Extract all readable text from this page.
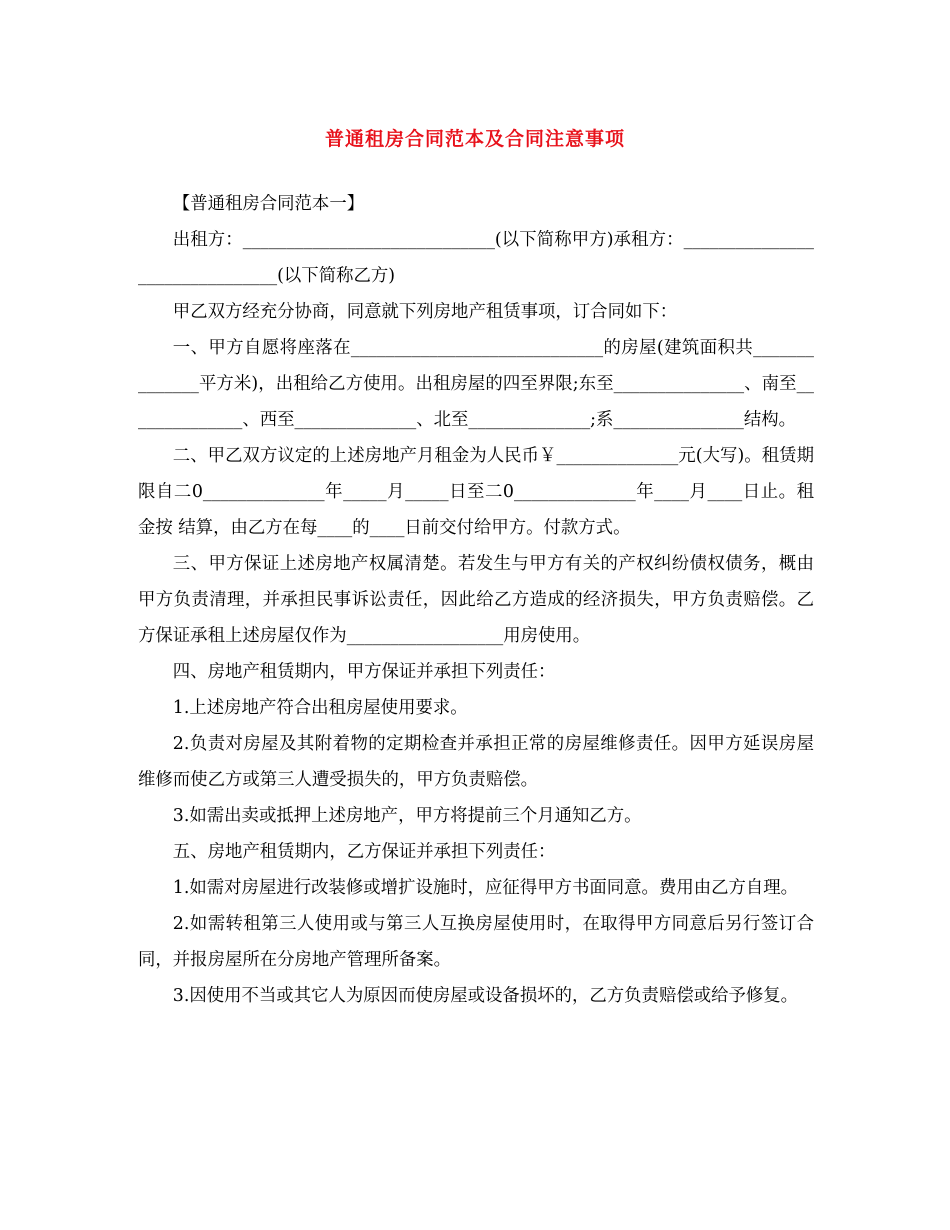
普通租房合同范本及合同注意事项

【普通租房合同范本一】

出租方：_____________________________(以下简称甲方)承租方：_______________________________(以下简称乙方)

甲乙双方经充分协商，同意就下列房地产租赁事项，订合同如下：

一、甲方自愿将座落在_____________________________的房屋(建筑面积共______________平方米)，出租给乙方使用。出租房屋的四至界限;东至_______________、南至______________、西至______________、北至______________;系_______________结构。

二、甲乙双方议定的上述房地产月租金为人民币￥______________元(大写)。租赁期限自二0______________年_____月_____日至二0______________年____月____日止。租金按 结算，由乙方在每____的____日前交付给甲方。付款方式。

三、甲方保证上述房地产权属清楚。若发生与甲方有关的产权纠纷债权债务，概由甲方负责清理，并承担民事诉讼责任，因此给乙方造成的经济损失，甲方负责赔偿。乙方保证承租上述房屋仅作为__________________用房使用。

四、房地产租赁期内，甲方保证并承担下列责任：

1.上述房地产符合出租房屋使用要求。

2.负责对房屋及其附着物的定期检查并承担正常的房屋维修责任。因甲方延误房屋维修而使乙方或第三人遭受损失的，甲方负责赔偿。

3.如需出卖或抵押上述房地产，甲方将提前三个月通知乙方。

五、房地产租赁期内，乙方保证并承担下列责任：

1.如需对房屋进行改装修或增扩设施时，应征得甲方书面同意。费用由乙方自理。

2.如需转租第三人使用或与第三人互换房屋使用时，在取得甲方同意后另行签订合同，并报房屋所在分房地产管理所备案。

3.因使用不当或其它人为原因而使房屋或设备损坏的，乙方负责赔偿或给予修复。
